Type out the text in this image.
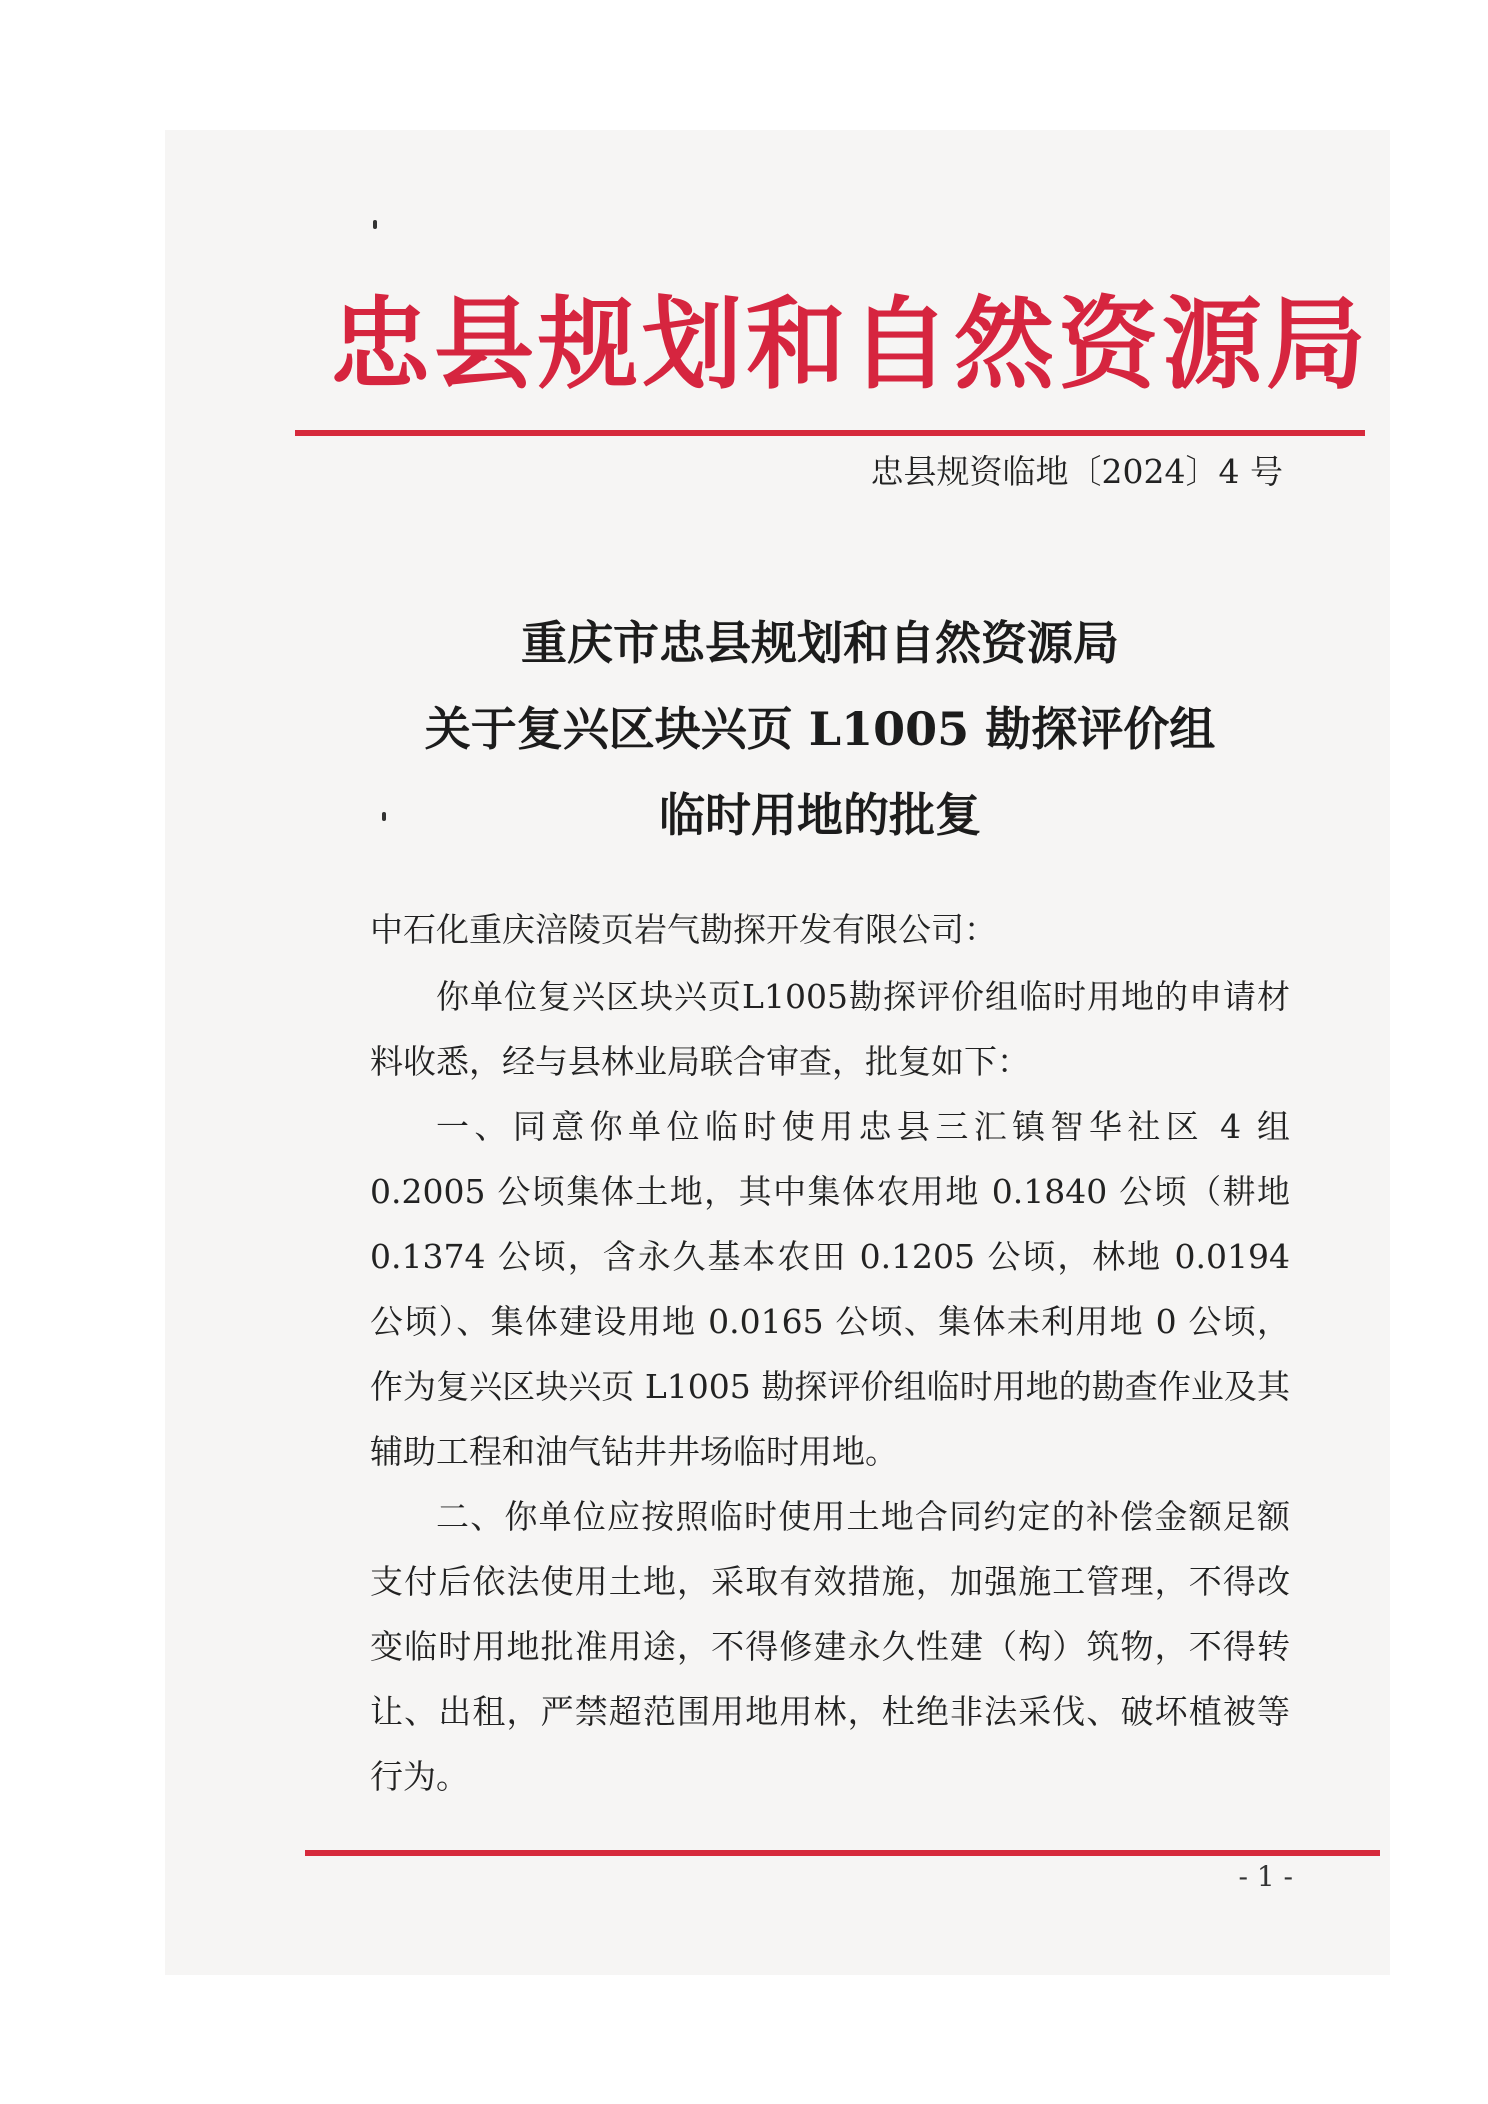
忠县规划和自然资源局
忠县规资临地〔2024〕4 号
重庆市忠县规划和自然资源局
关于复兴区块兴页 L1005 勘探评价组
临时用地的批复
中石化重庆涪陵页岩气勘探开发有限公司：

你单位复兴区块兴页L1005勘探评价组临时用地的申请材料收悉，经与县林业局联合审查，批复如下：

一、同意你单位临时使用忠县三汇镇智华社区 4 组 0.2005 公顷集体土地，其中集体农用地 0.1840 公顷（耕地 0.1374 公顷，含永久基本农田 0.1205 公顷，林地 0.0194 公顷）、集体建设用地 0.0165 公顷、集体未利用地 0 公顷，作为复兴区块兴页 L1005 勘探评价组临时用地的勘查作业及其辅助工程和油气钻井井场临时用地。

二、你单位应按照临时使用土地合同约定的补偿金额足额支付后依法使用土地，采取有效措施，加强施工管理，不得改变临时用地批准用途，不得修建永久性建（构）筑物，不得转让、出租，严禁超范围用地用林，杜绝非法采伐、破坏植被等行为。

- 1 -
